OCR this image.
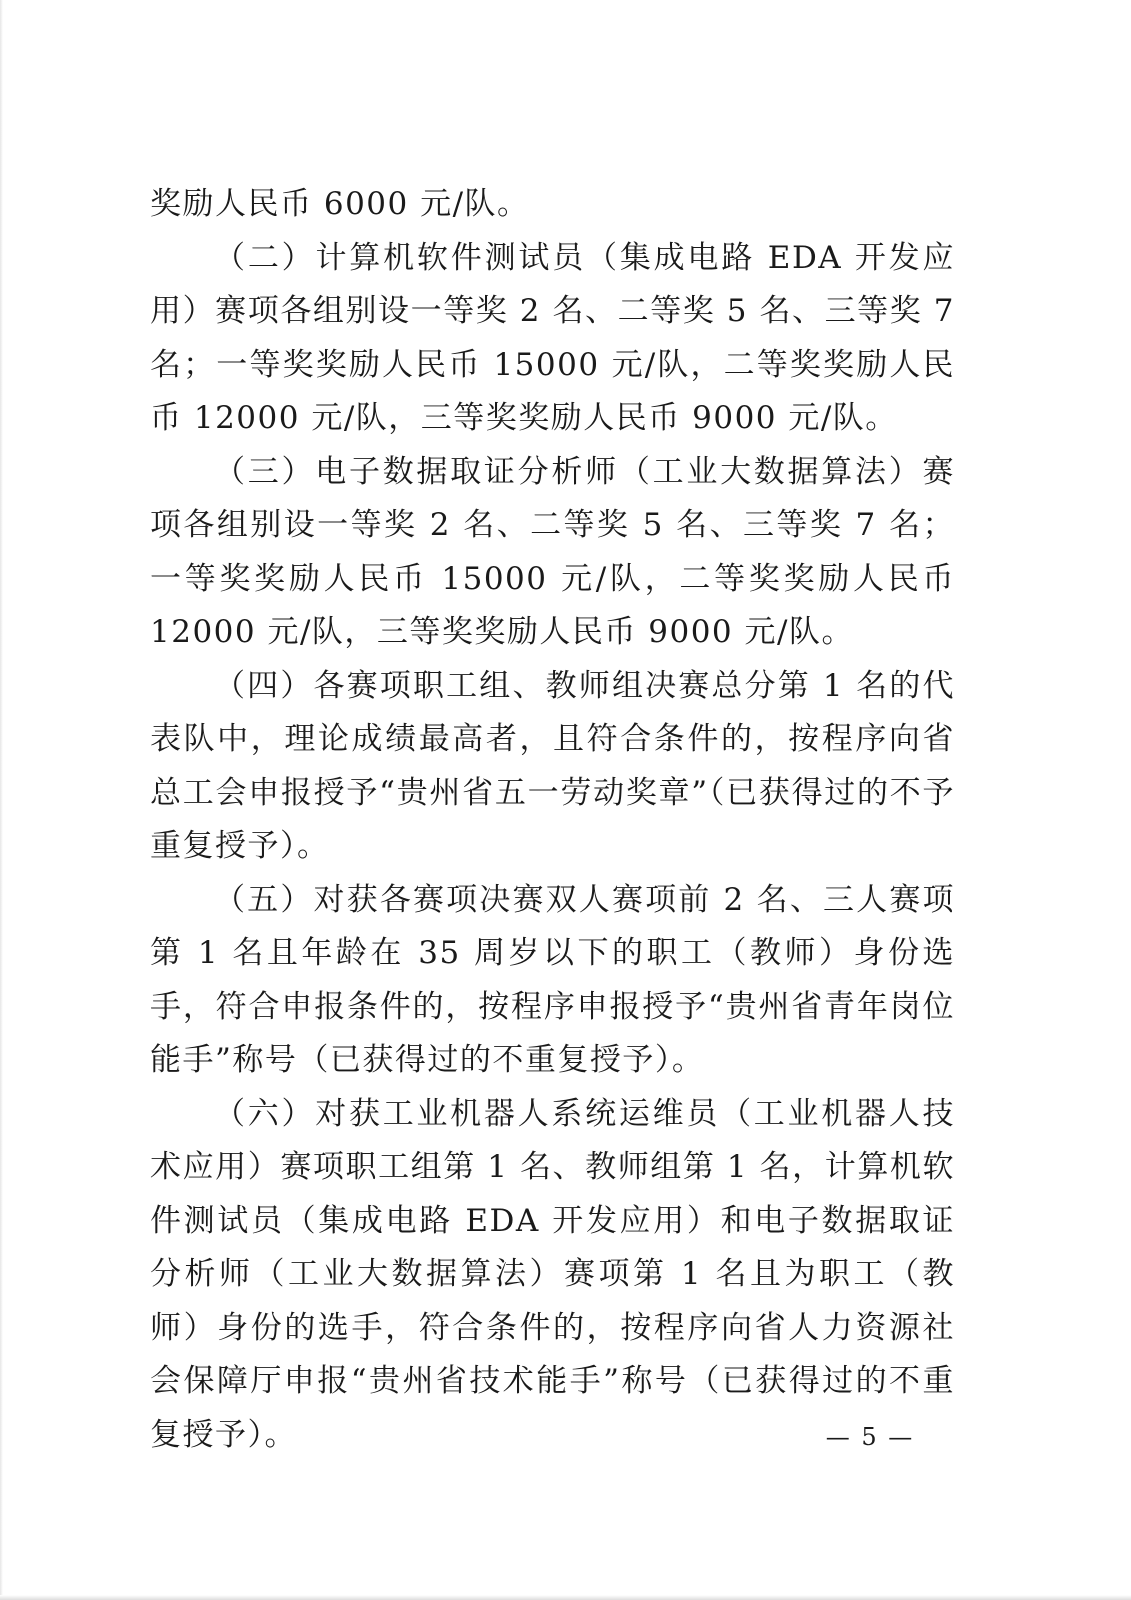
奖励人民币 6000 元/队。

（二）计算机软件测试员（集成电路 EDA 开发应用）赛项各组别设一等奖 2 名、二等奖 5 名、三等奖 7 名；一等奖奖励人民币 15000 元/队，二等奖奖励人民币 12000 元/队，三等奖奖励人民币 9000 元/队。

（三）电子数据取证分析师（工业大数据算法）赛项各组别设一等奖 2 名、二等奖 5 名、三等奖 7 名；一等奖奖励人民币 15000 元/队，二等奖奖励人民币 12000 元/队，三等奖奖励人民币 9000 元/队。

（四）各赛项职工组、教师组决赛总分第 1 名的代表队中，理论成绩最高者，且符合条件的，按程序向省总工会申报授予“贵州省五一劳动奖章”（已获得过的不予重复授予）。

（五）对获各赛项决赛双人赛项前 2 名、三人赛项第 1 名且年龄在 35 周岁以下的职工（教师）身份选手，符合申报条件的，按程序申报授予“贵州省青年岗位能手”称号（已获得过的不重复授予）。

（六）对获工业机器人系统运维员（工业机器人技术应用）赛项职工组第 1 名、教师组第 1 名，计算机软件测试员（集成电路 EDA 开发应用）和电子数据取证分析师（工业大数据算法）赛项第 1 名且为职工（教师）身份的选手，符合条件的，按程序向省人力资源社会保障厅申报“贵州省技术能手”称号（已获得过的不重复授予）。	— 5 —
